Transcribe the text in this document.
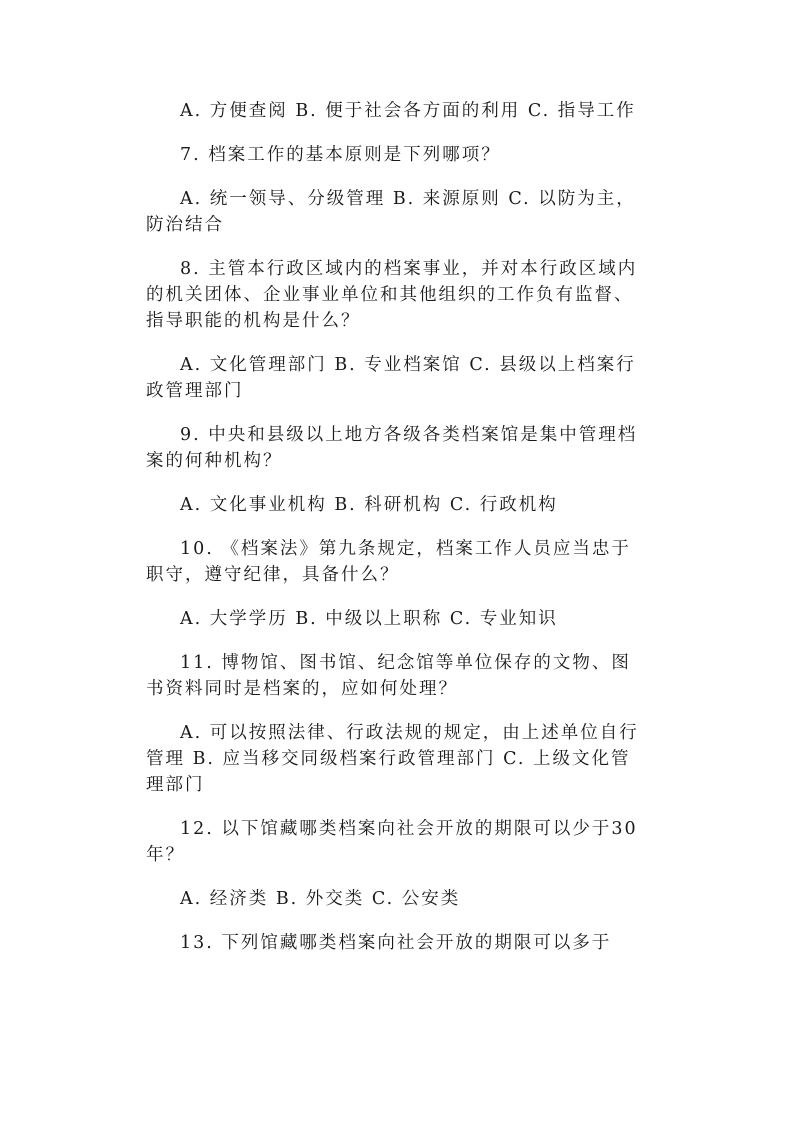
A. 方便查阅 B. 便于社会各方面的利用 C. 指导工作

7. 档案工作的基本原则是下列哪项？

A. 统一领导、分级管理 B. 来源原则 C. 以防为主，防治结合

8. 主管本行政区域内的档案事业，并对本行政区域内的机关团体、企业事业单位和其他组织的工作负有监督、指导职能的机构是什么？

A. 文化管理部门 B. 专业档案馆 C. 县级以上档案行政管理部门

9. 中央和县级以上地方各级各类档案馆是集中管理档案的何种机构？

A. 文化事业机构 B. 科研机构 C. 行政机构

10. 《档案法》第九条规定，档案工作人员应当忠于职守，遵守纪律，具备什么？

A. 大学学历 B. 中级以上职称 C. 专业知识

11. 博物馆、图书馆、纪念馆等单位保存的文物、图书资料同时是档案的，应如何处理？

A. 可以按照法律、行政法规的规定，由上述单位自行管理 B. 应当移交同级档案行政管理部门 C. 上级文化管理部门

12. 以下馆藏哪类档案向社会开放的期限可以少于30 年？

A. 经济类 B. 外交类 C. 公安类

13. 下列馆藏哪类档案向社会开放的期限可以多于
